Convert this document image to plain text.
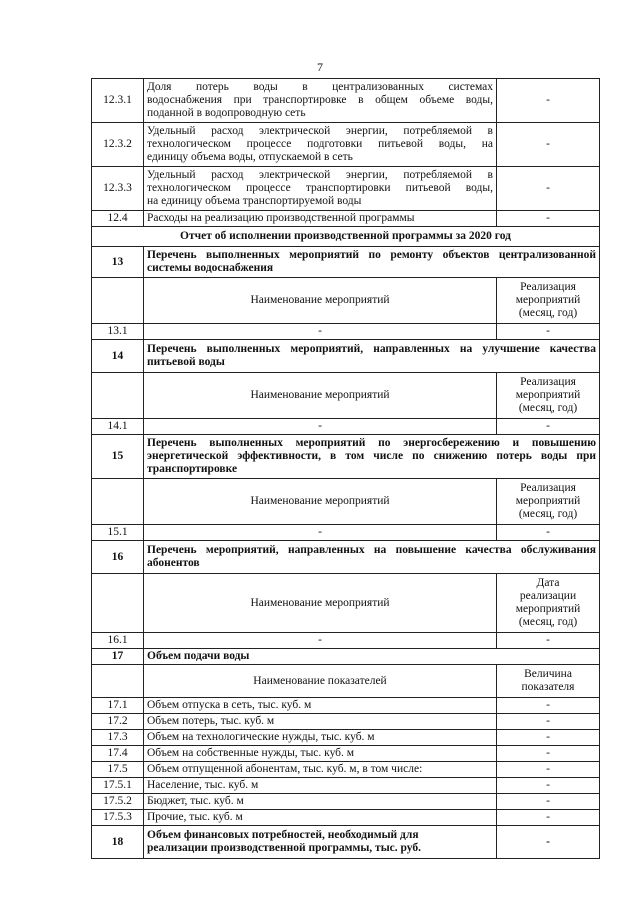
7
12.3.1	Доля потерь воды в централизованных системах
водоснабжения при транспортировке в общем объеме воды,
поданной в водопроводную сеть	-
12.3.2	Удельный расход электрической энергии, потребляемой в
технологическом процессе подготовки питьевой воды, на
единицу объема воды, отпускаемой в сеть	-
12.3.3	Удельный расход электрической энергии, потребляемой в
технологическом процессе транспортировки питьевой воды,
на единицу объема транспортируемой воды	-
12.4	Расходы на реализацию производственной программы	-
Отчет об исполнении производственной программы за 2020 год		
13	Перечень выполненных мероприятий по ремонту объектов централизованной системы водоснабжения	
	Наименование мероприятий	Реализация
мероприятий
(месяц, год)

13.1	-	-
14	Перечень выполненных мероприятий, направленных на улучшение качества питьевой воды	
	Наименование мероприятий	Реализация
мероприятий
(месяц, год)

14.1	-	-
15	Перечень выполненных мероприятий по энергосбережению и повышению энергетической эффективности, в том числе по снижению потерь воды при транспортировке	
	Наименование мероприятий	Реализация
мероприятий
(месяц, год)

15.1	-	-
16	Перечень мероприятий, направленных на повышение качества обслуживания абонентов	
	Наименование мероприятий	Дата
реализации
мероприятий
(месяц, год)

16.1	-	-
17	Объем подачи воды	
	Наименование показателей	Величина
показателя

17.1	Объем отпуска в сеть, тыс. куб. м	-
17.2	Объем потерь, тыс. куб. м	-
17.3	Объем на технологические нужды, тыс. куб. м	-
17.4	Объем на собственные нужды, тыс. куб. м	-
17.5	Объем отпущенной абонентам, тыс. куб. м, в том числе:	-
17.5.1	Население, тыс. куб. м	-
17.5.2	Бюджет, тыс. куб. м	-
17.5.3	Прочие, тыс. куб. м	-
18	Объем финансовых потребностей, необходимый для
реализации производственной программы, тыс. руб.	-
